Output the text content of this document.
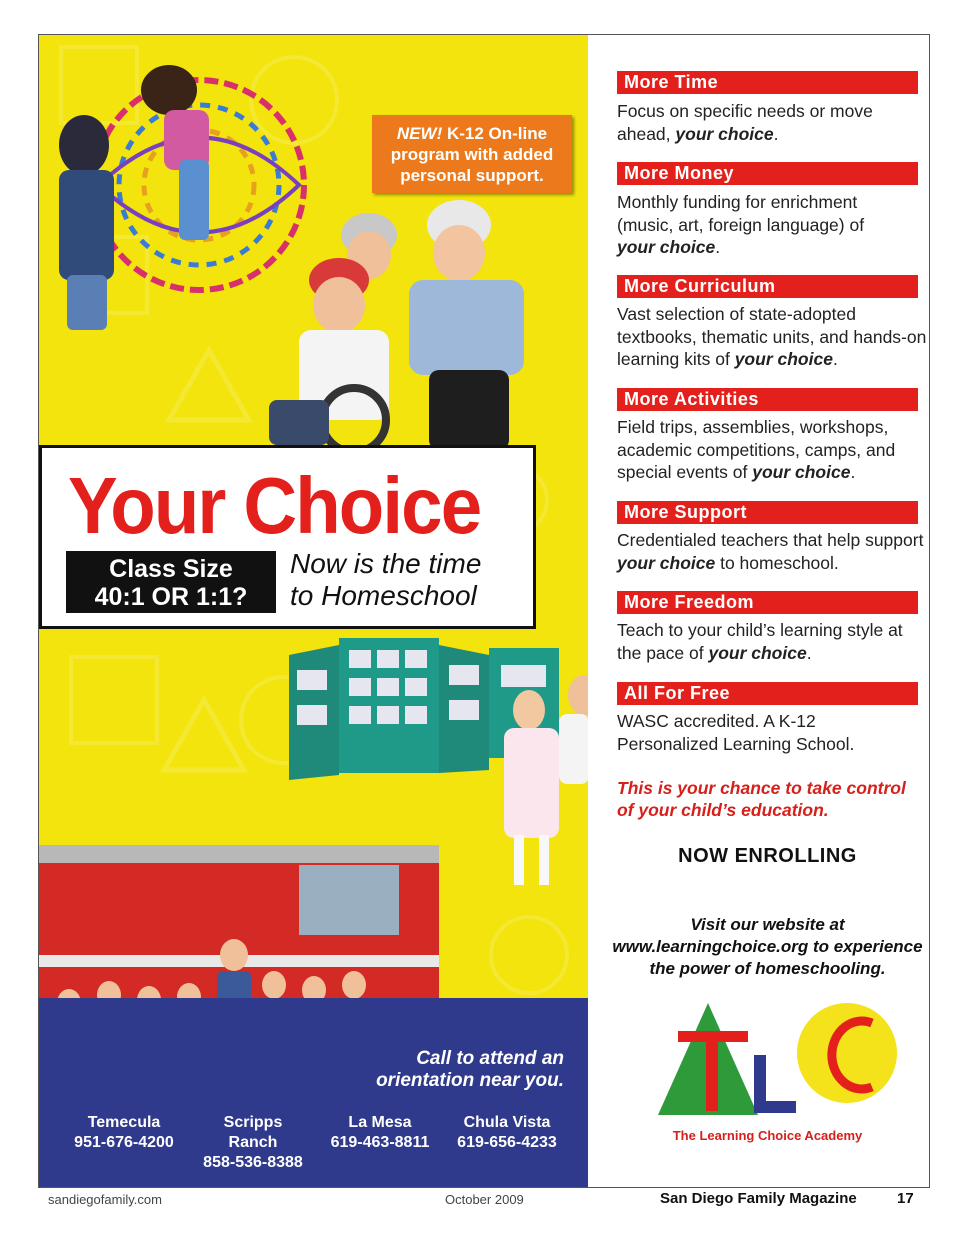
NEW! K-12 On-line
program with added
personal support.
Your Choice
Class Size
40:1 OR 1:1?
Now is the time
to Homeschool
Call to attend an
orientation near you.
Temecula
951-676-4200
Scripps Ranch
858-536-8388
La Mesa
619-463-8811
Chula Vista
619-656-4233
More Time
Focus on specific needs or move ahead, your choice.
More Money
Monthly funding for enrichment (music, art, foreign language) of your choice.
More Curriculum
Vast selection of state-adopted textbooks, thematic units, and hands-on learning kits of your choice.
More Activities
Field trips, assemblies, workshops, academic competitions, camps, and special events of your choice.
More Support
Credentialed teachers that help support your choice to homeschool.
More Freedom
Teach to your child’s learning style at the pace of your choice.
All For Free
WASC accredited. A K-12 Personalized Learning School.
This is your chance to take control
of your child’s education.
NOW ENROLLING
Visit our website at
www.learningchoice.org to experience
the power of homeschooling.
The Learning Choice Academy
sandiegofamily.com	October 2009	San Diego Family Magazine	17
